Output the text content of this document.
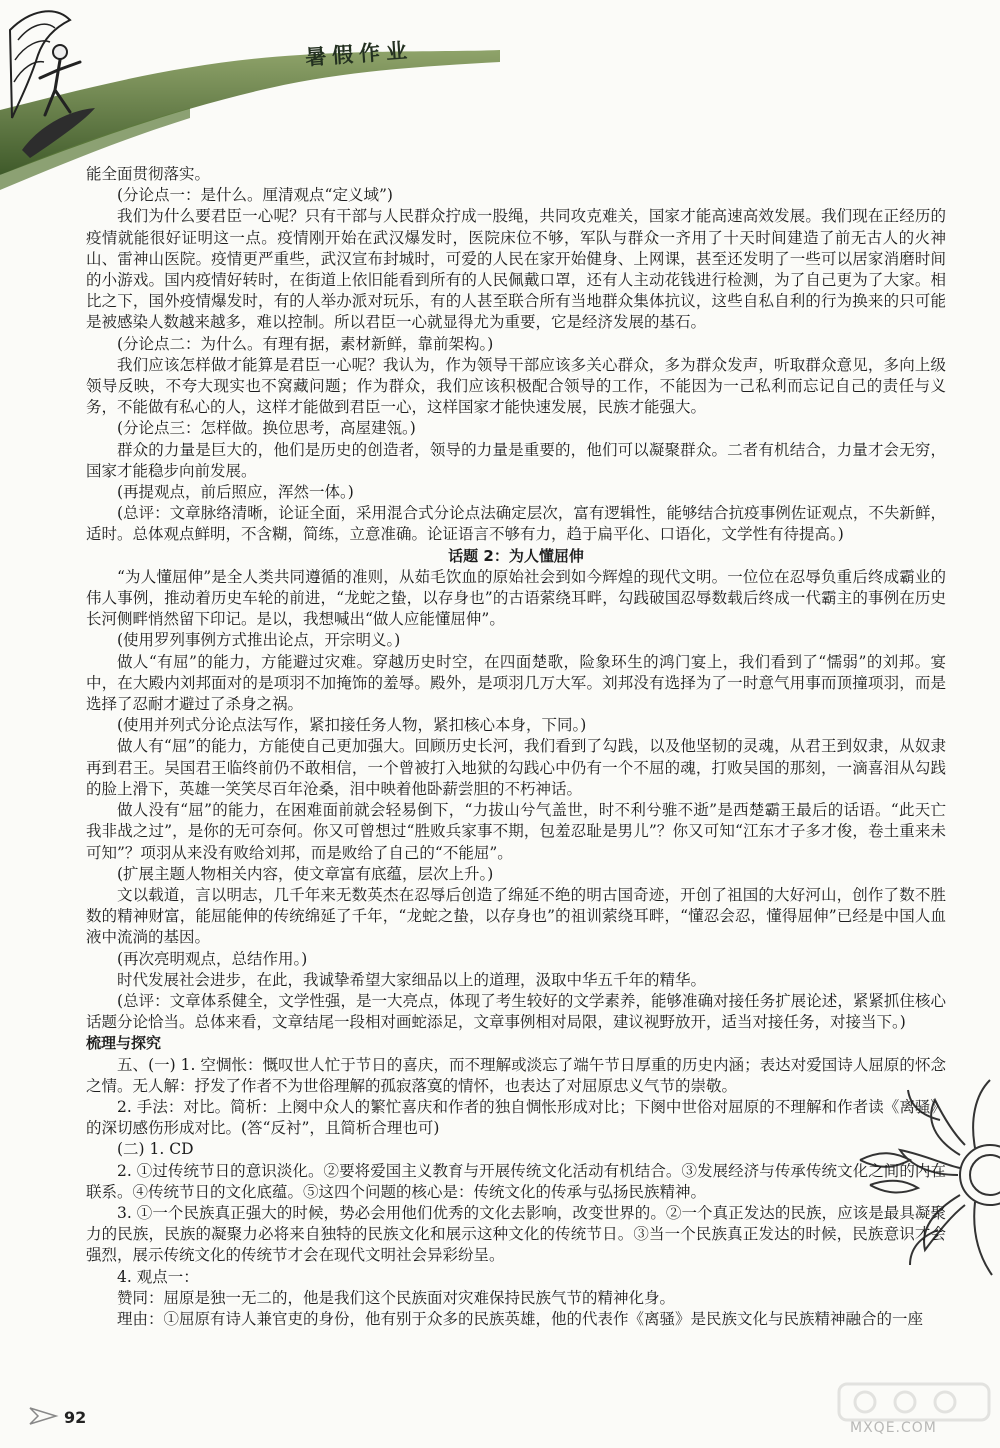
暑假作业

能全面贯彻落实。

(分论点一：是什么。厘清观点“定义域”)

我们为什么要君臣一心呢？只有干部与人民群众拧成一股绳，共同攻克难关，国家才能高速高效发展。我们现在正经历的疫情就能很好证明这一点。疫情刚开始在武汉爆发时，医院床位不够，军队与群众一齐用了十天时间建造了前无古人的火神山、雷神山医院。疫情更严重些，武汉宣布封城时，可爱的人民在家开始健身、上网课，甚至还发明了一些可以居家消磨时间的小游戏。国内疫情好转时，在街道上依旧能看到所有的人民佩戴口罩，还有人主动花钱进行检测，为了自己更为了大家。相比之下，国外疫情爆发时，有的人举办派对玩乐，有的人甚至联合所有当地群众集体抗议，这些自私自利的行为换来的只可能是被感染人数越来越多，难以控制。所以君臣一心就显得尤为重要，它是经济发展的基石。

(分论点二：为什么。有理有据，素材新鲜，靠前架构。)

我们应该怎样做才能算是君臣一心呢？我认为，作为领导干部应该多关心群众，多为群众发声，听取群众意见，多向上级领导反映，不夸大现实也不窝藏问题；作为群众，我们应该积极配合领导的工作，不能因为一己私利而忘记自己的责任与义务，不能做有私心的人，这样才能做到君臣一心，这样国家才能快速发展，民族才能强大。

(分论点三：怎样做。换位思考，高屋建瓴。)

群众的力量是巨大的，他们是历史的创造者，领导的力量是重要的，他们可以凝聚群众。二者有机结合，力量才会无穷，国家才能稳步向前发展。

(再提观点，前后照应，浑然一体。)

(总评：文章脉络清晰，论证全面，采用混合式分论点法确定层次，富有逻辑性，能够结合抗疫事例佐证观点，不失新鲜，适时。总体观点鲜明，不含糊，简练，立意准确。论证语言不够有力，趋于扁平化、口语化，文学性有待提高。)

话题 2：为人懂屈伸

“为人懂屈伸”是全人类共同遵循的准则，从茹毛饮血的原始社会到如今辉煌的现代文明。一位位在忍辱负重后终成霸业的伟人事例，推动着历史车轮的前进，“龙蛇之蛰，以存身也”的古语萦绕耳畔，勾践破国忍辱数载后终成一代霸主的事例在历史长河侧畔悄然留下印记。是以，我想喊出“做人应能懂屈伸”。

(使用罗列事例方式推出论点，开宗明义。)

做人“有屈”的能力，方能避过灾难。穿越历史时空，在四面楚歌，险象环生的鸿门宴上，我们看到了“懦弱”的刘邦。宴中，在大殿内刘邦面对的是项羽不加掩饰的羞辱。殿外，是项羽几万大军。刘邦没有选择为了一时意气用事而顶撞项羽，而是选择了忍耐才避过了杀身之祸。

(使用并列式分论点法写作，紧扣接任务人物，紧扣核心本身，下同。)

做人有“屈”的能力，方能使自己更加强大。回顾历史长河，我们看到了勾践，以及他坚韧的灵魂，从君王到奴隶，从奴隶再到君王。吴国君王临终前仍不敢相信，一个曾被打入地狱的勾践心中仍有一个不屈的魂，打败吴国的那刻，一滴喜泪从勾践的脸上滑下，英雄一笑笑尽百年沧桑，泪中映着他卧薪尝胆的不朽神话。

做人没有“屈”的能力，在困难面前就会轻易倒下，“力拔山兮气盖世，时不利兮骓不逝”是西楚霸王最后的话语。“此天亡我非战之过”，是你的无可奈何。你又可曾想过“胜败兵家事不期，包羞忍耻是男儿”？你又可知“江东才子多才俊，卷土重来未可知”？项羽从来没有败给刘邦，而是败给了自己的“不能屈”。

(扩展主题人物相关内容，使文章富有底蕴，层次上升。)

文以载道，言以明志，几千年来无数英杰在忍辱后创造了绵延不绝的明古国奇迹，开创了祖国的大好河山，创作了数不胜数的精神财富，能屈能伸的传统绵延了千年，“龙蛇之蛰，以存身也”的祖训萦绕耳畔，“懂忍会忍，懂得屈伸”已经是中国人血液中流淌的基因。

(再次亮明观点，总结作用。)

时代发展社会进步，在此，我诚挚希望大家细品以上的道理，汲取中华五千年的精华。

(总评：文章体系健全，文学性强，是一大亮点，体现了考生较好的文学素养，能够准确对接任务扩展论述，紧紧抓住核心话题分论恰当。总体来看，文章结尾一段相对画蛇添足，文章事例相对局限，建议视野放开，适当对接任务，对接当下。)

梳理与探究

五、(一) 1. 空惆怅：慨叹世人忙于节日的喜庆，而不理解或淡忘了端午节日厚重的历史内涵；表达对爱国诗人屈原的怀念之情。无人解：抒发了作者不为世俗理解的孤寂落寞的情怀，也表达了对屈原忠义气节的崇敬。

2. 手法：对比。简析：上阕中众人的繁忙喜庆和作者的独自惆怅形成对比；下阕中世俗对屈原的不理解和作者读《离骚》的深切感伤形成对比。(答“反衬”，且简析合理也可)

(二) 1. CD

2. ①过传统节日的意识淡化。②要将爱国主义教育与开展传统文化活动有机结合。③发展经济与传承传统文化之间的内在联系。④传统节日的文化底蕴。⑤这四个问题的核心是：传统文化的传承与弘扬民族精神。

3. ①一个民族真正强大的时候，势必会用他们优秀的文化去影响，改变世界的。②一个真正发达的民族，应该是最具凝聚力的民族，民族的凝聚力必将来自独特的民族文化和展示这种文化的传统节日。③当一个民族真正发达的时候，民族意识才会强烈，展示传统文化的传统节才会在现代文明社会异彩纷呈。

4. 观点一：

赞同：屈原是独一无二的，他是我们这个民族面对灾难保持民族气节的精神化身。

理由：①屈原有诗人兼官吏的身份，他有别于众多的民族英雄，他的代表作《离骚》是民族文化与民族精神融合的一座

92
MXQE.COM
